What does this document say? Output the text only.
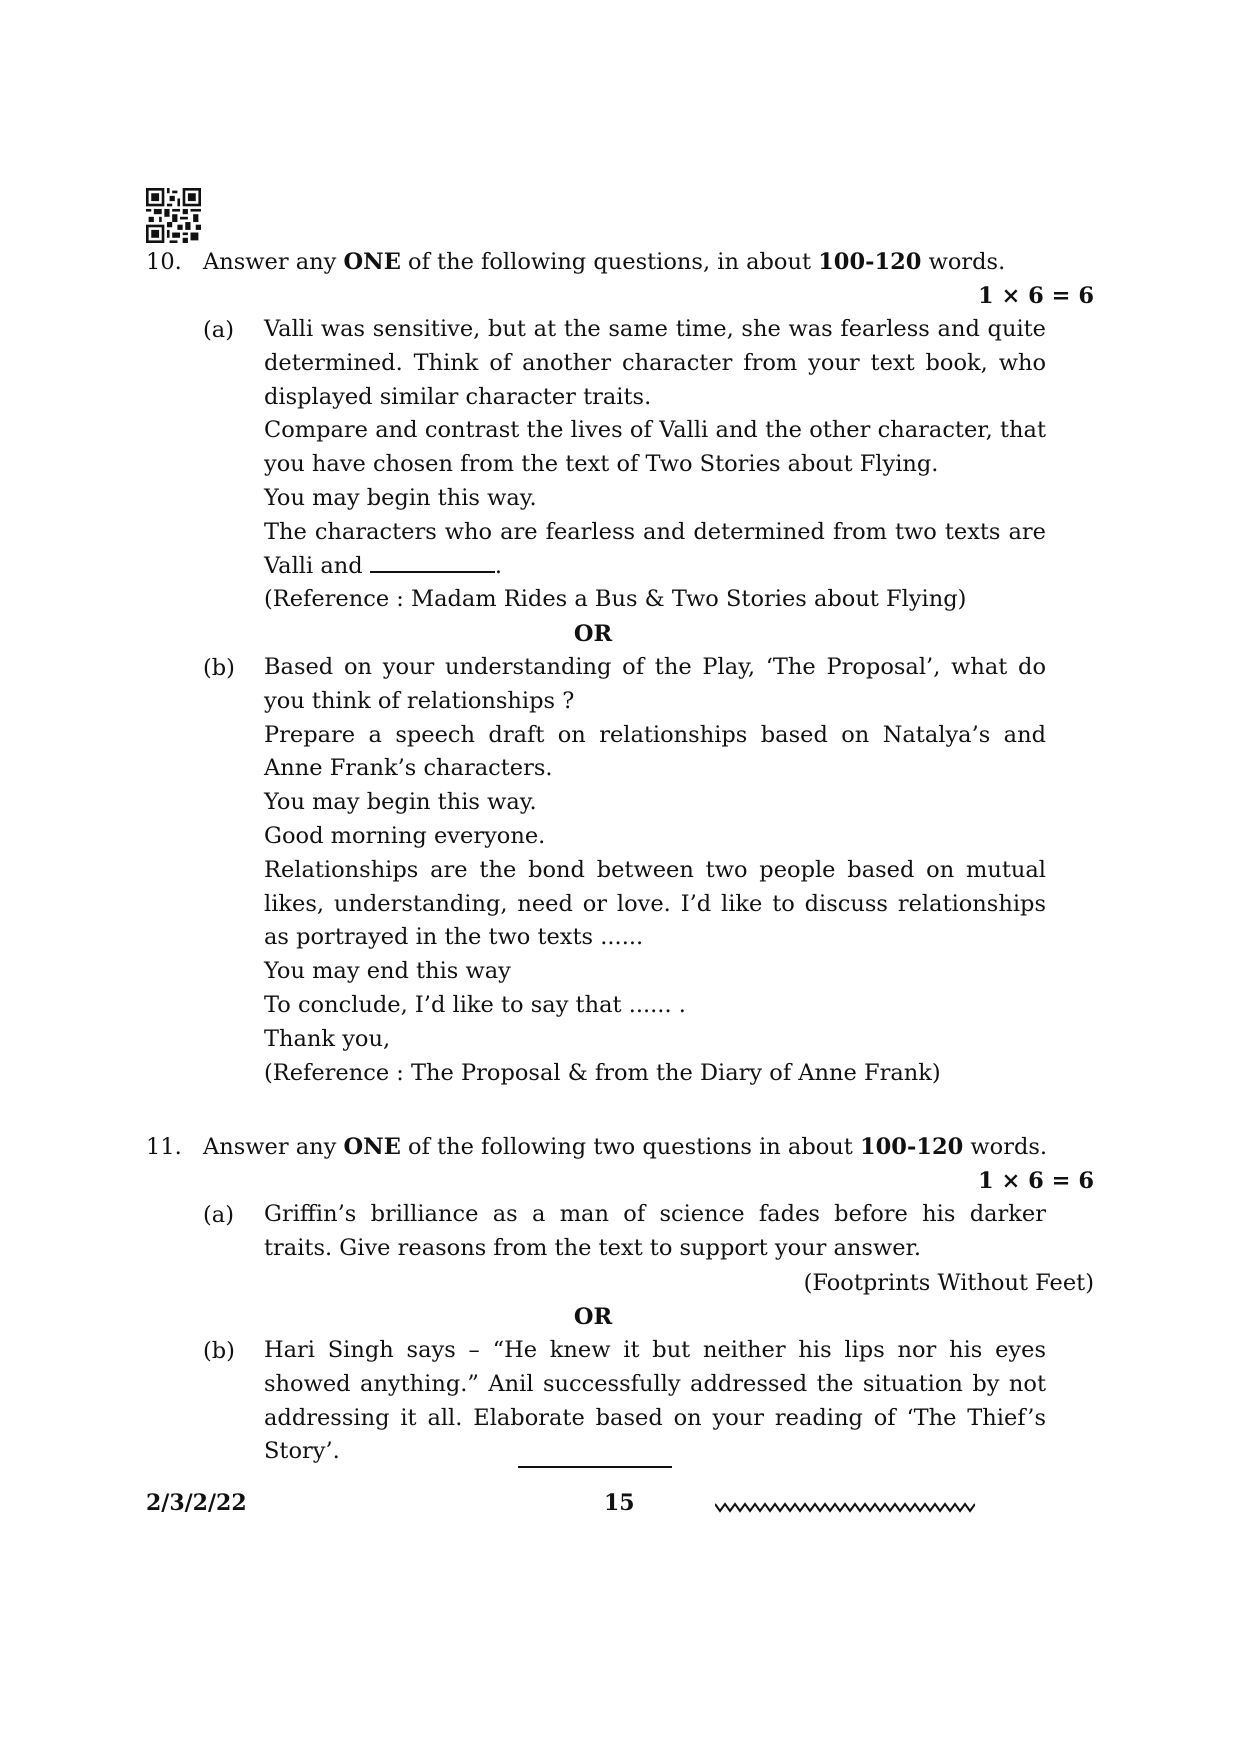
10. Answer any ONE of the following questions, in about 100-120 words.
1 × 6 = 6
(a) Valli was sensitive, but at the same time, she was fearless and quite determined. Think of another character from your text book, who displayed similar character traits.

Compare and contrast the lives of Valli and the other character, that you have chosen from the text of Two Stories about Flying.

You may begin this way.

The characters who are fearless and determined from two texts are

Valli and	.

(Reference : Madam Rides a Bus & Two Stories about Flying)

OR
(b) Based on your understanding of the Play, ‘The Proposal’, what do you think of relationships ?

Prepare a speech draft on relationships based on Natalya’s and Anne Frank’s characters.

You may begin this way.

Good morning everyone.

Relationships are the bond between two people based on mutual likes, understanding, need or love. I’d like to discuss relationships as portrayed in the two texts ......

You may end this way

To conclude, I’d like to say that ...... .

Thank you,

(Reference : The Proposal & from the Diary of Anne Frank)

11. Answer any ONE of the following two questions in about 100-120 words.
1 × 6 = 6
(a) Griffin’s brilliance as a man of science fades before his darker traits. Give reasons from the text to support your answer.

(Footprints Without Feet)
OR
(b) Hari Singh says – “He knew it but neither his lips nor his eyes showed anything.” Anil successfully addressed the situation by not addressing it all. Elaborate based on your reading of ‘The Thief’s Story’.

2/3/2/22	15
